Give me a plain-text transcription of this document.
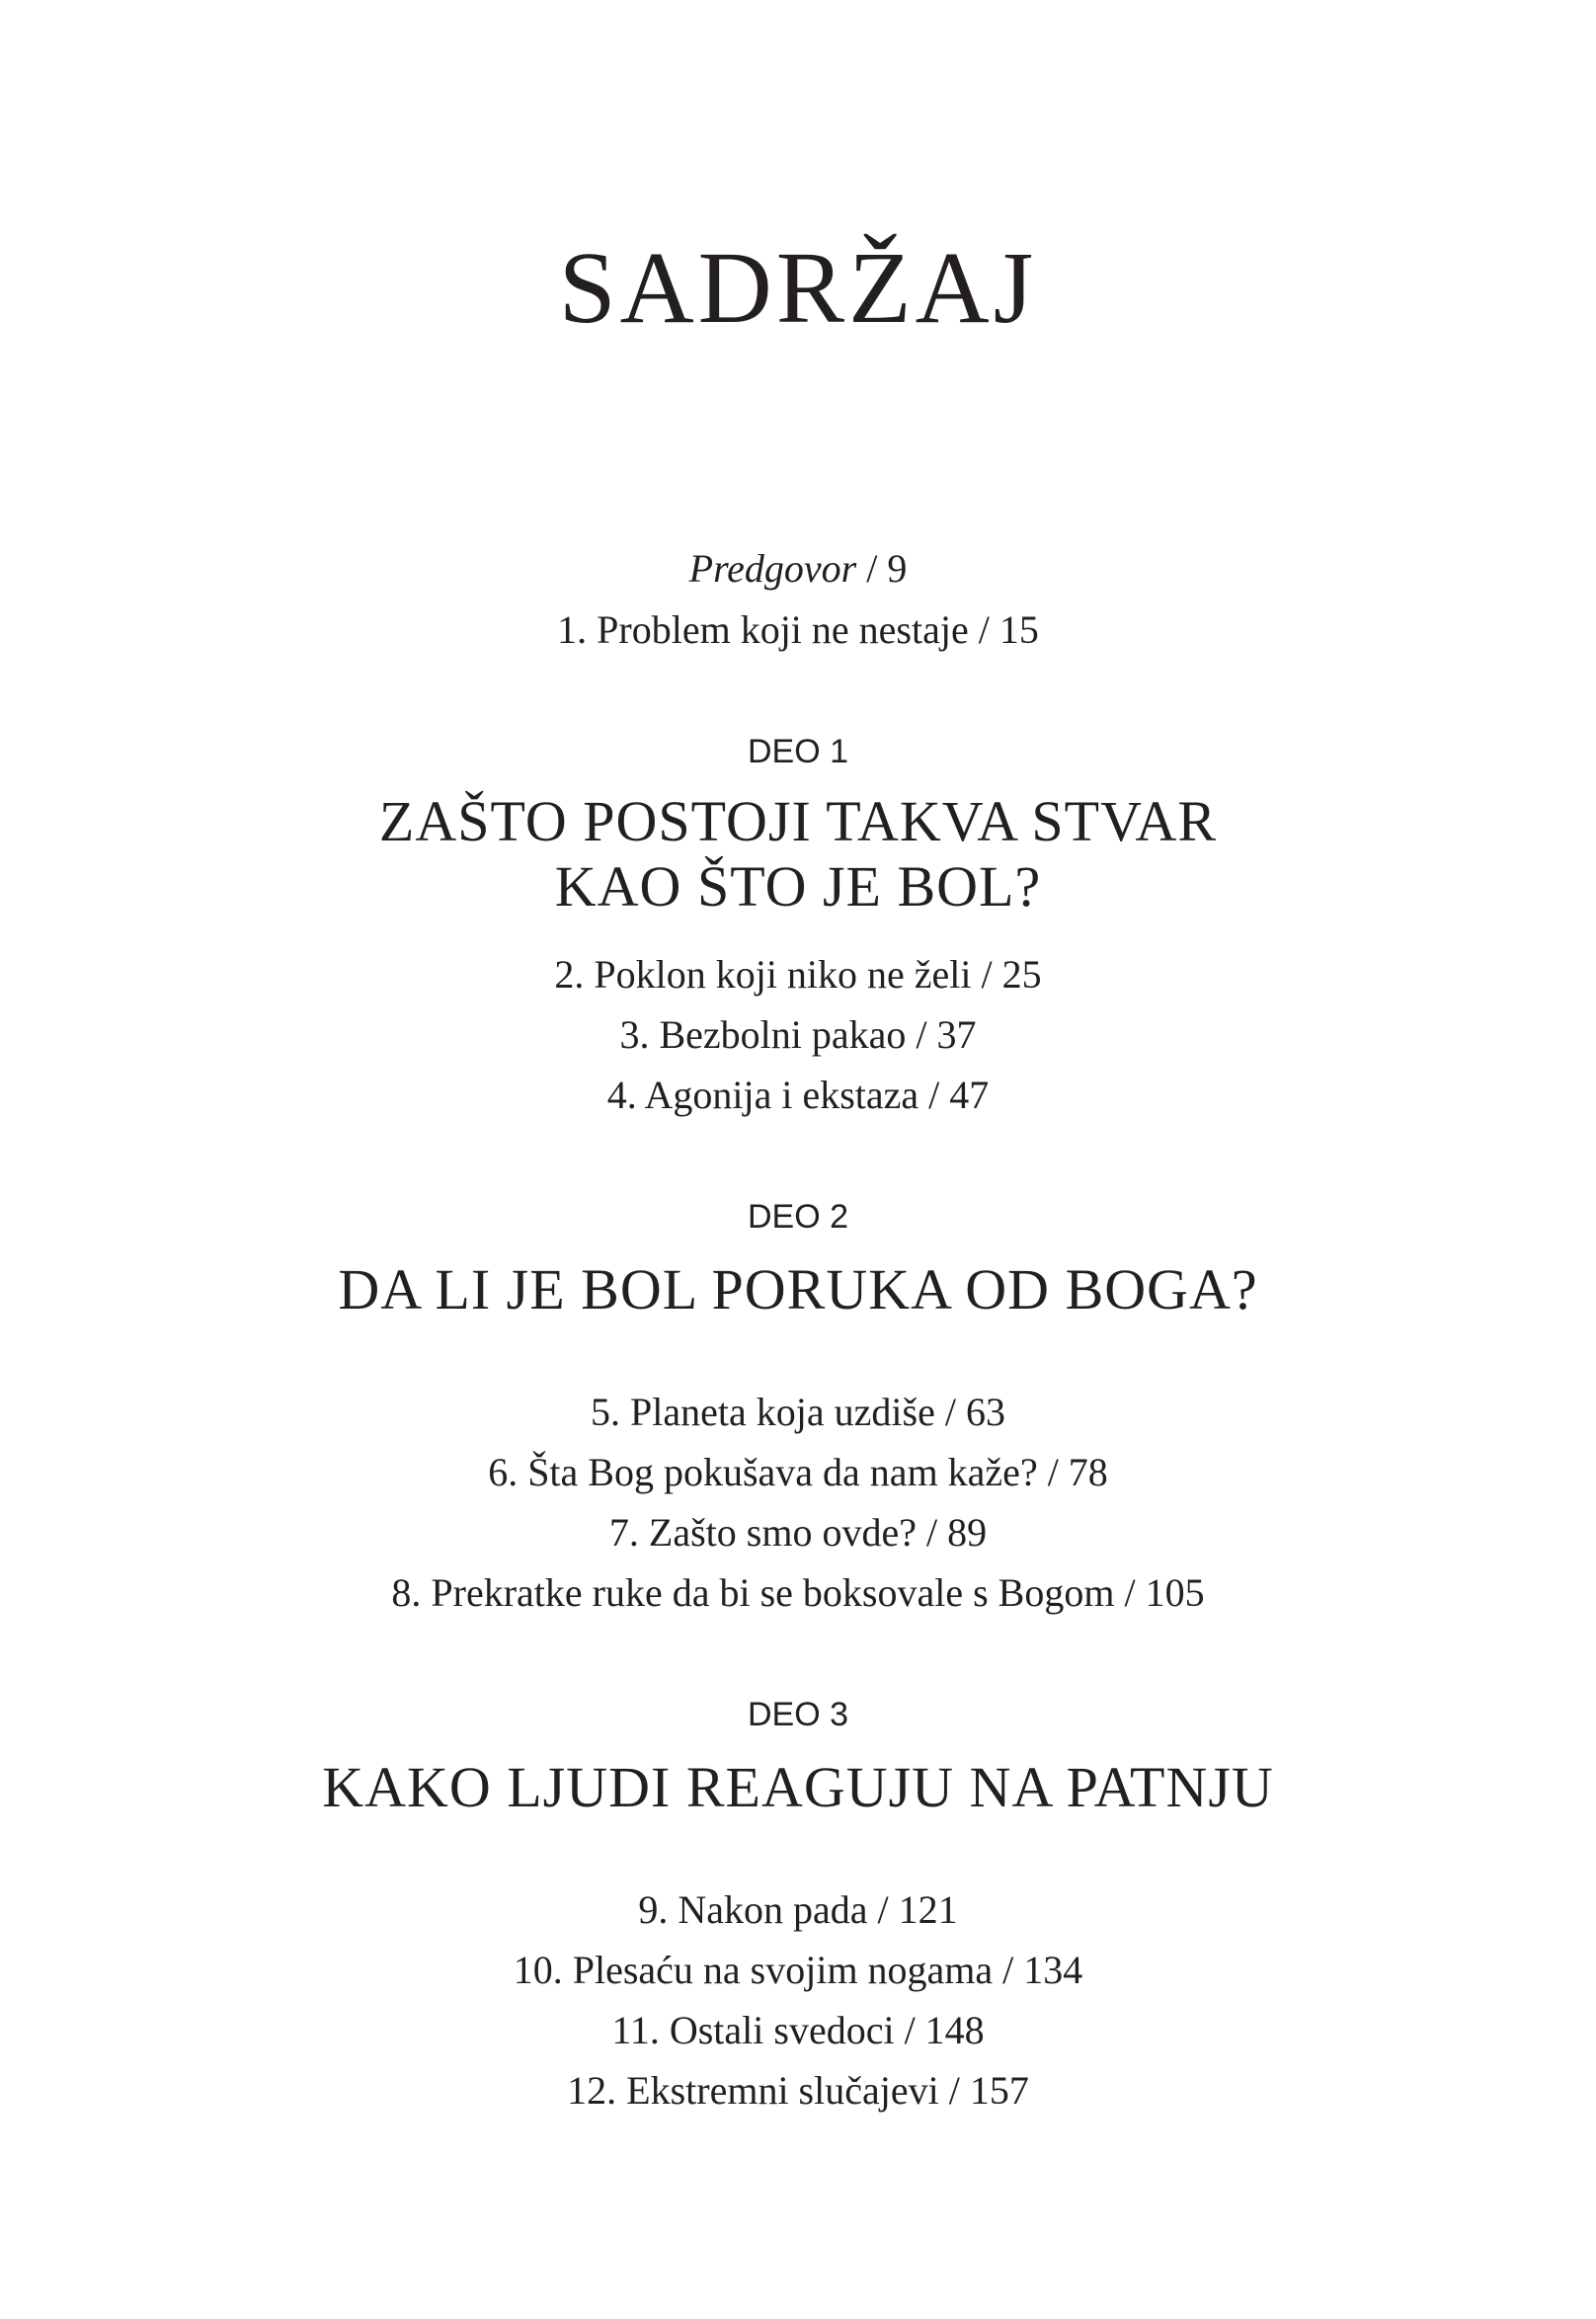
SADRŽAJ
Predgovor / 9
1. Problem koji ne nestaje / 15
DEO 1
ZAŠTO POSTOJI TAKVA STVAR
KAO ŠTO JE BOL?
2. Poklon koji niko ne želi / 25
3. Bezbolni pakao / 37
4. Agonija i ekstaza / 47
DEO 2
DA LI JE BOL PORUKA OD BOGA?
5. Planeta koja uzdiše / 63
6. Šta Bog pokušava da nam kaže? / 78
7. Zašto smo ovde? / 89
8. Prekratke ruke da bi se boksovale s Bogom / 105
DEO 3
KAKO LJUDI REAGUJU NA PATNJU
9. Nakon pada / 121
10. Plesaću na svojim nogama / 134
11. Ostali svedoci / 148
12. Ekstremni slučajevi / 157
